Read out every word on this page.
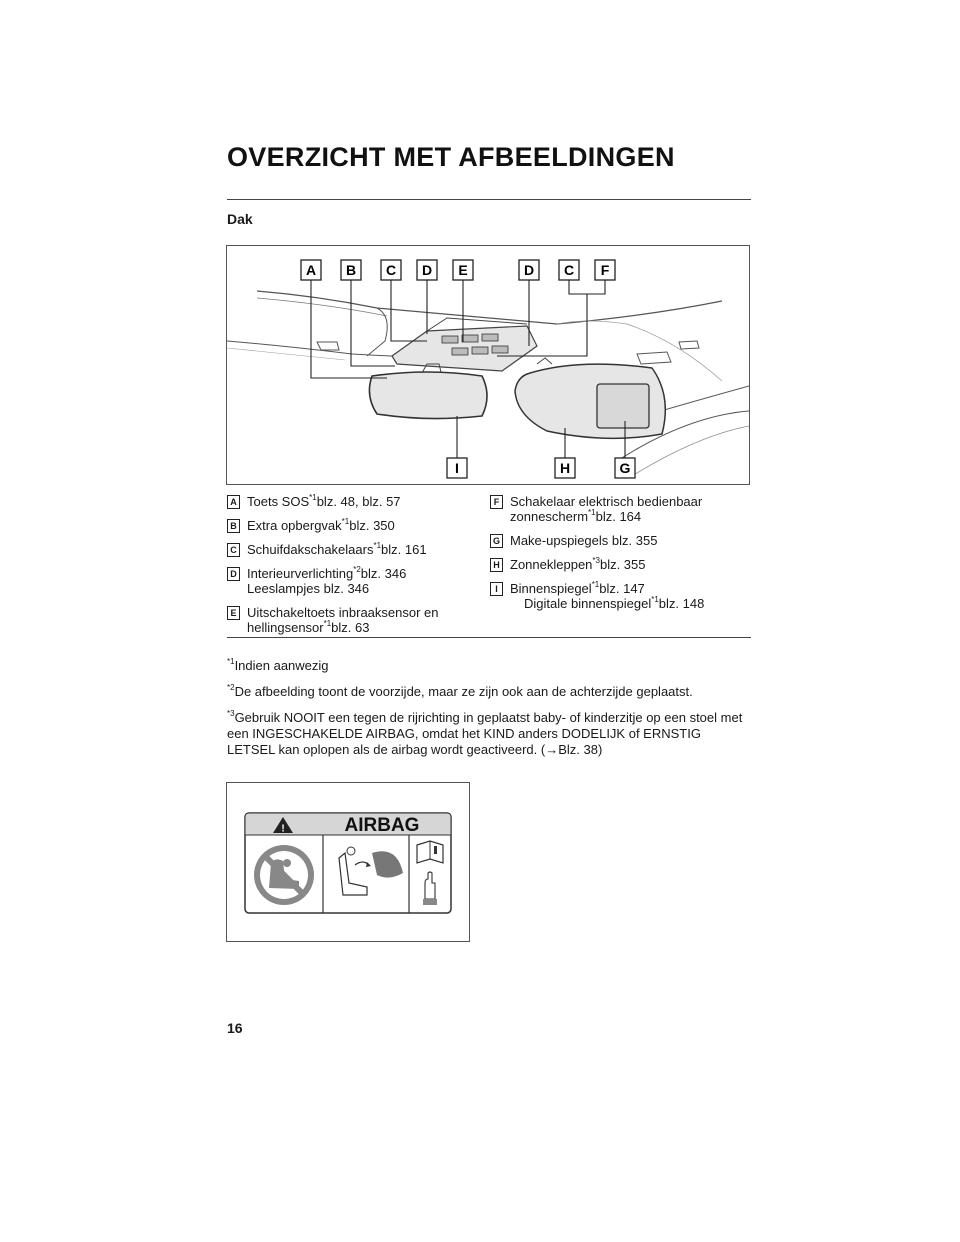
OVERZICHT MET AFBEELDINGEN
Dak
A B C D E	D C F
I	H	G
A Toets SOS$^{*1}$blz. 48, blz. 57
B Extra opbergvak$^{*1}$blz. 350
C Schuifdakschakelaars$^{*1}$blz. 161
D Interieurverlichting$^{*2}$blz. 346
Leeslampjes blz. 346
E Uitschakeltoets inbraaksensor en
hellingsensor$^{*1}$blz. 63
F Schakelaar elektrisch bedienbaar
zonnescherm$^{*1}$blz. 164
G Make-upspiegels blz. 355
H Zonnekleppen$^{*3}$blz. 355
I Binnenspiegel$^{*1}$blz. 147
Digitale binnenspiegel$^{*1}$blz. 148

$^{*1}$Indien aanwezig

$^{*2}$De afbeelding toont de voorzijde, maar ze zijn ook aan de achterzijde geplaatst.

$^{*3}$Gebruik NOOIT een tegen de rijrichting in geplaatst baby- of kinderzitje op een stoel met een INGESCHAKELDE AIRBAG, omdat het KIND anders DODELIJK of ERNSTIG LETSEL kan oplopen als de airbag wordt geactiveerd. (→Blz. 38)

!	AIRBAG
16
